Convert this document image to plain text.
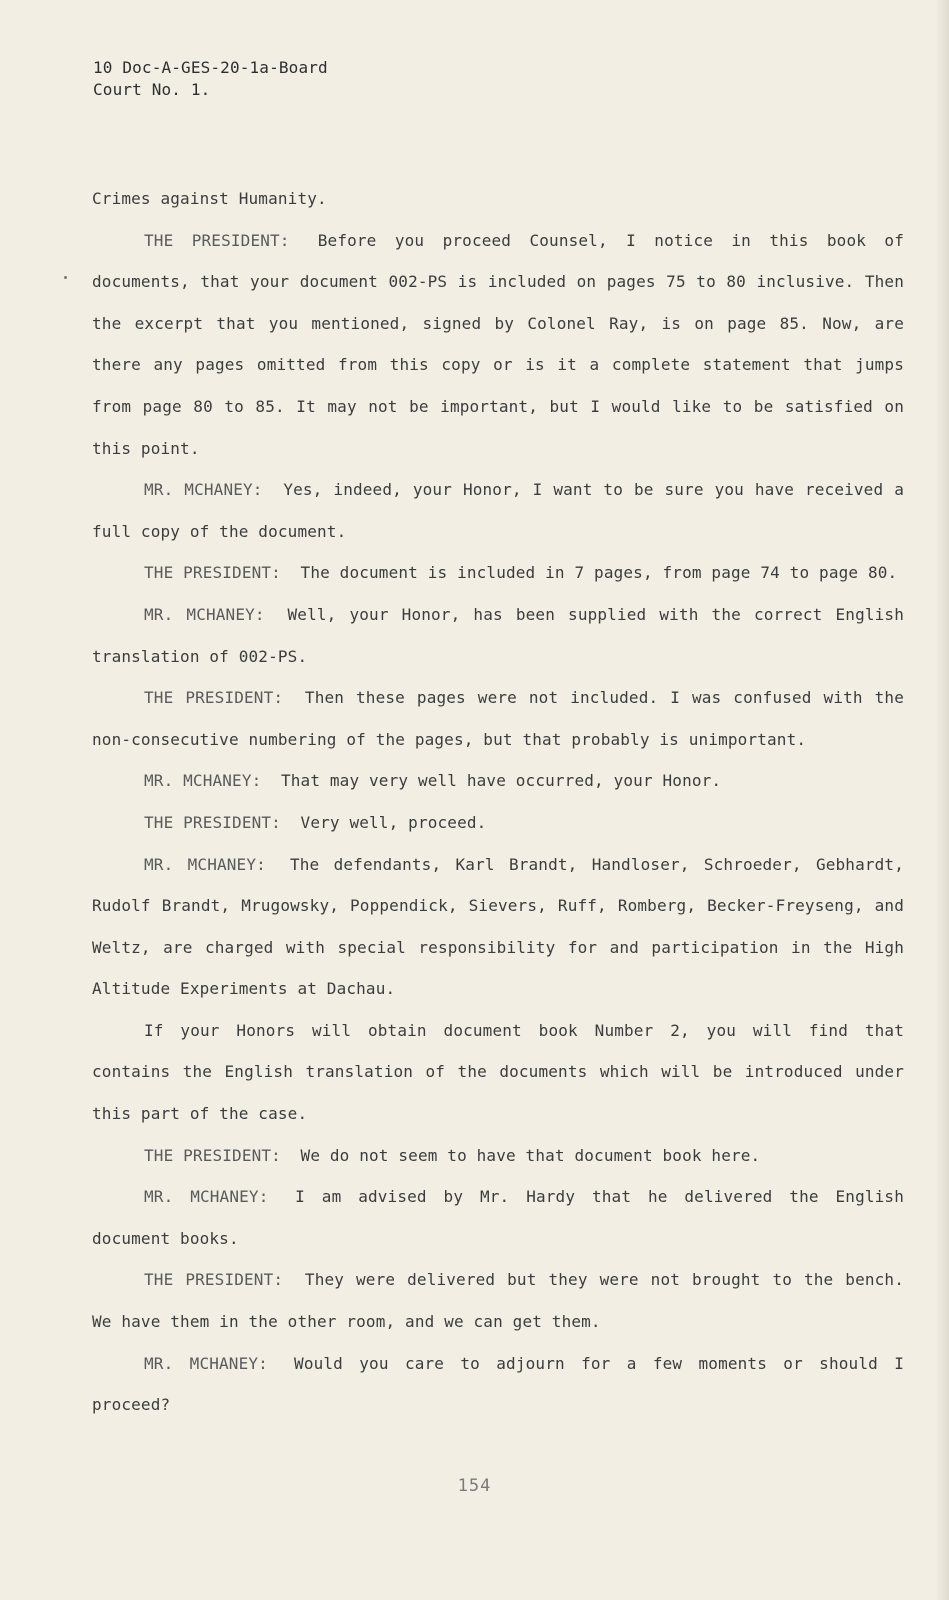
10 Doc-A-GES-20-1a-Board
Court No. 1.

Crimes against Humanity.

THE PRESIDENT:  Before you proceed Counsel, I notice in this book of documents, that your document 002-PS is included on pages 75 to 80 inclusive. Then the excerpt that you mentioned, signed by Colonel Ray, is on page 85. Now, are there any pages omitted from this copy or is it a complete statement that jumps from page 80 to 85. It may not be important, but I would like to be satisfied on this point.

MR. MCHANEY:  Yes, indeed, your Honor, I want to be sure you have received a full copy of the document.

THE PRESIDENT:  The document is included in 7 pages, from page 74 to page 80.

MR. MCHANEY:  Well, your Honor, has been supplied with the correct English translation of 002-PS.

THE PRESIDENT:  Then these pages were not included. I was confused with the non-consecutive numbering of the pages, but that probably is unimportant.

MR. MCHANEY:  That may very well have occurred, your Honor.

THE PRESIDENT:  Very well, proceed.

MR. MCHANEY:  The defendants, Karl Brandt, Handloser, Schroeder, Gebhardt, Rudolf Brandt, Mrugowsky, Poppendick, Sievers, Ruff, Romberg, Becker-Freyseng, and Weltz, are charged with special responsibility for and participation in the High Altitude Experiments at Dachau.

If your Honors will obtain document book Number 2, you will find that contains the English translation of the documents which will be introduced under this part of the case.

THE PRESIDENT:  We do not seem to have that document book here.

MR. MCHANEY:  I am advised by Mr. Hardy that he delivered the English document books.

THE PRESIDENT:  They were delivered but they were not brought to the bench. We have them in the other room, and we can get them.

MR. MCHANEY:  Would you care to adjourn for a few moments or should I proceed?

154
